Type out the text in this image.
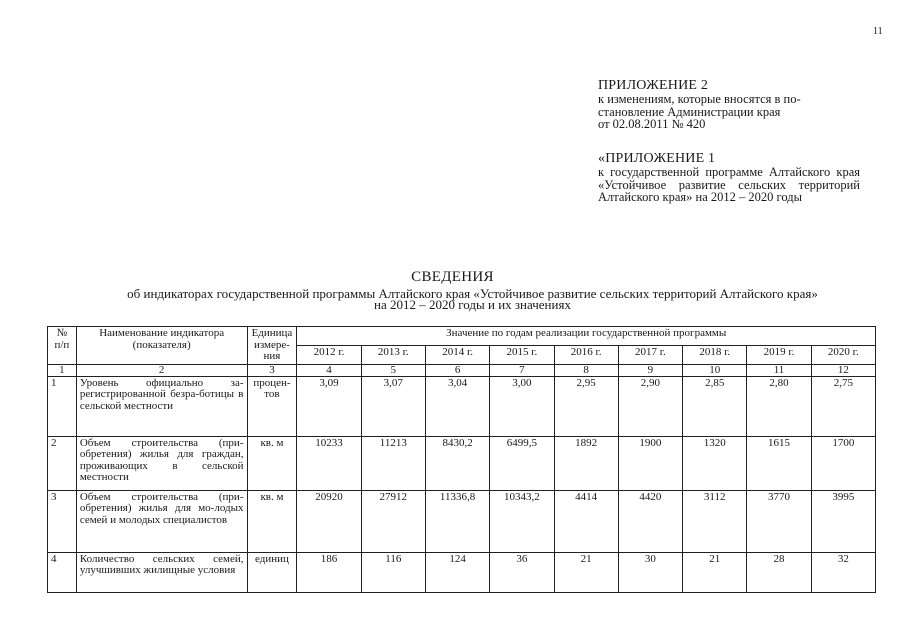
11
ПРИЛОЖЕНИЕ 2
к изменениям, которые вносятся в по-
становление Администрации края
от 02.08.2011 № 420
«ПРИЛОЖЕНИЕ 1
к государственной программе Алтайского края «Устойчивое развитие сельских территорий Алтайского края» на 2012 – 2020 годы
СВЕДЕНИЯ
об индикаторах государственной программы Алтайского края «Устойчивое развитие сельских территорий Алтайского края»
на 2012 – 2020 годы и их значениях
№ п/п	Наименование индикатора (показателя)	Единица измере-ния	Значение по годам реализации государственной программы								
			2012 г.	2013 г.	2014 г.	2015 г.	2016 г.	2017 г.	2018 г.	2019 г.	2020 г.
1	2	3	4	5	6	7	8	9	10	11	12
1	Уровень официально за-регистрированной безра-ботицы в сельской местности	процен-тов	3,09	3,07	3,04	3,00	2,95	2,90	2,85	2,80	2,75
2	Объем строительства (при-обретения) жилья для граждан, проживающих в сельской местности	кв. м	10233	11213	8430,2	6499,5	1892	1900	1320	1615	1700
3	Объем строительства (при-обретения) жилья для мо-лодых семей и молодых специалистов	кв. м	20920	27912	11336,8	10343,2	4414	4420	3112	3770	3995
4	Количество сельских семей, улучшивших жилищные условия	единиц	186	116	124	36	21	30	21	28	32
